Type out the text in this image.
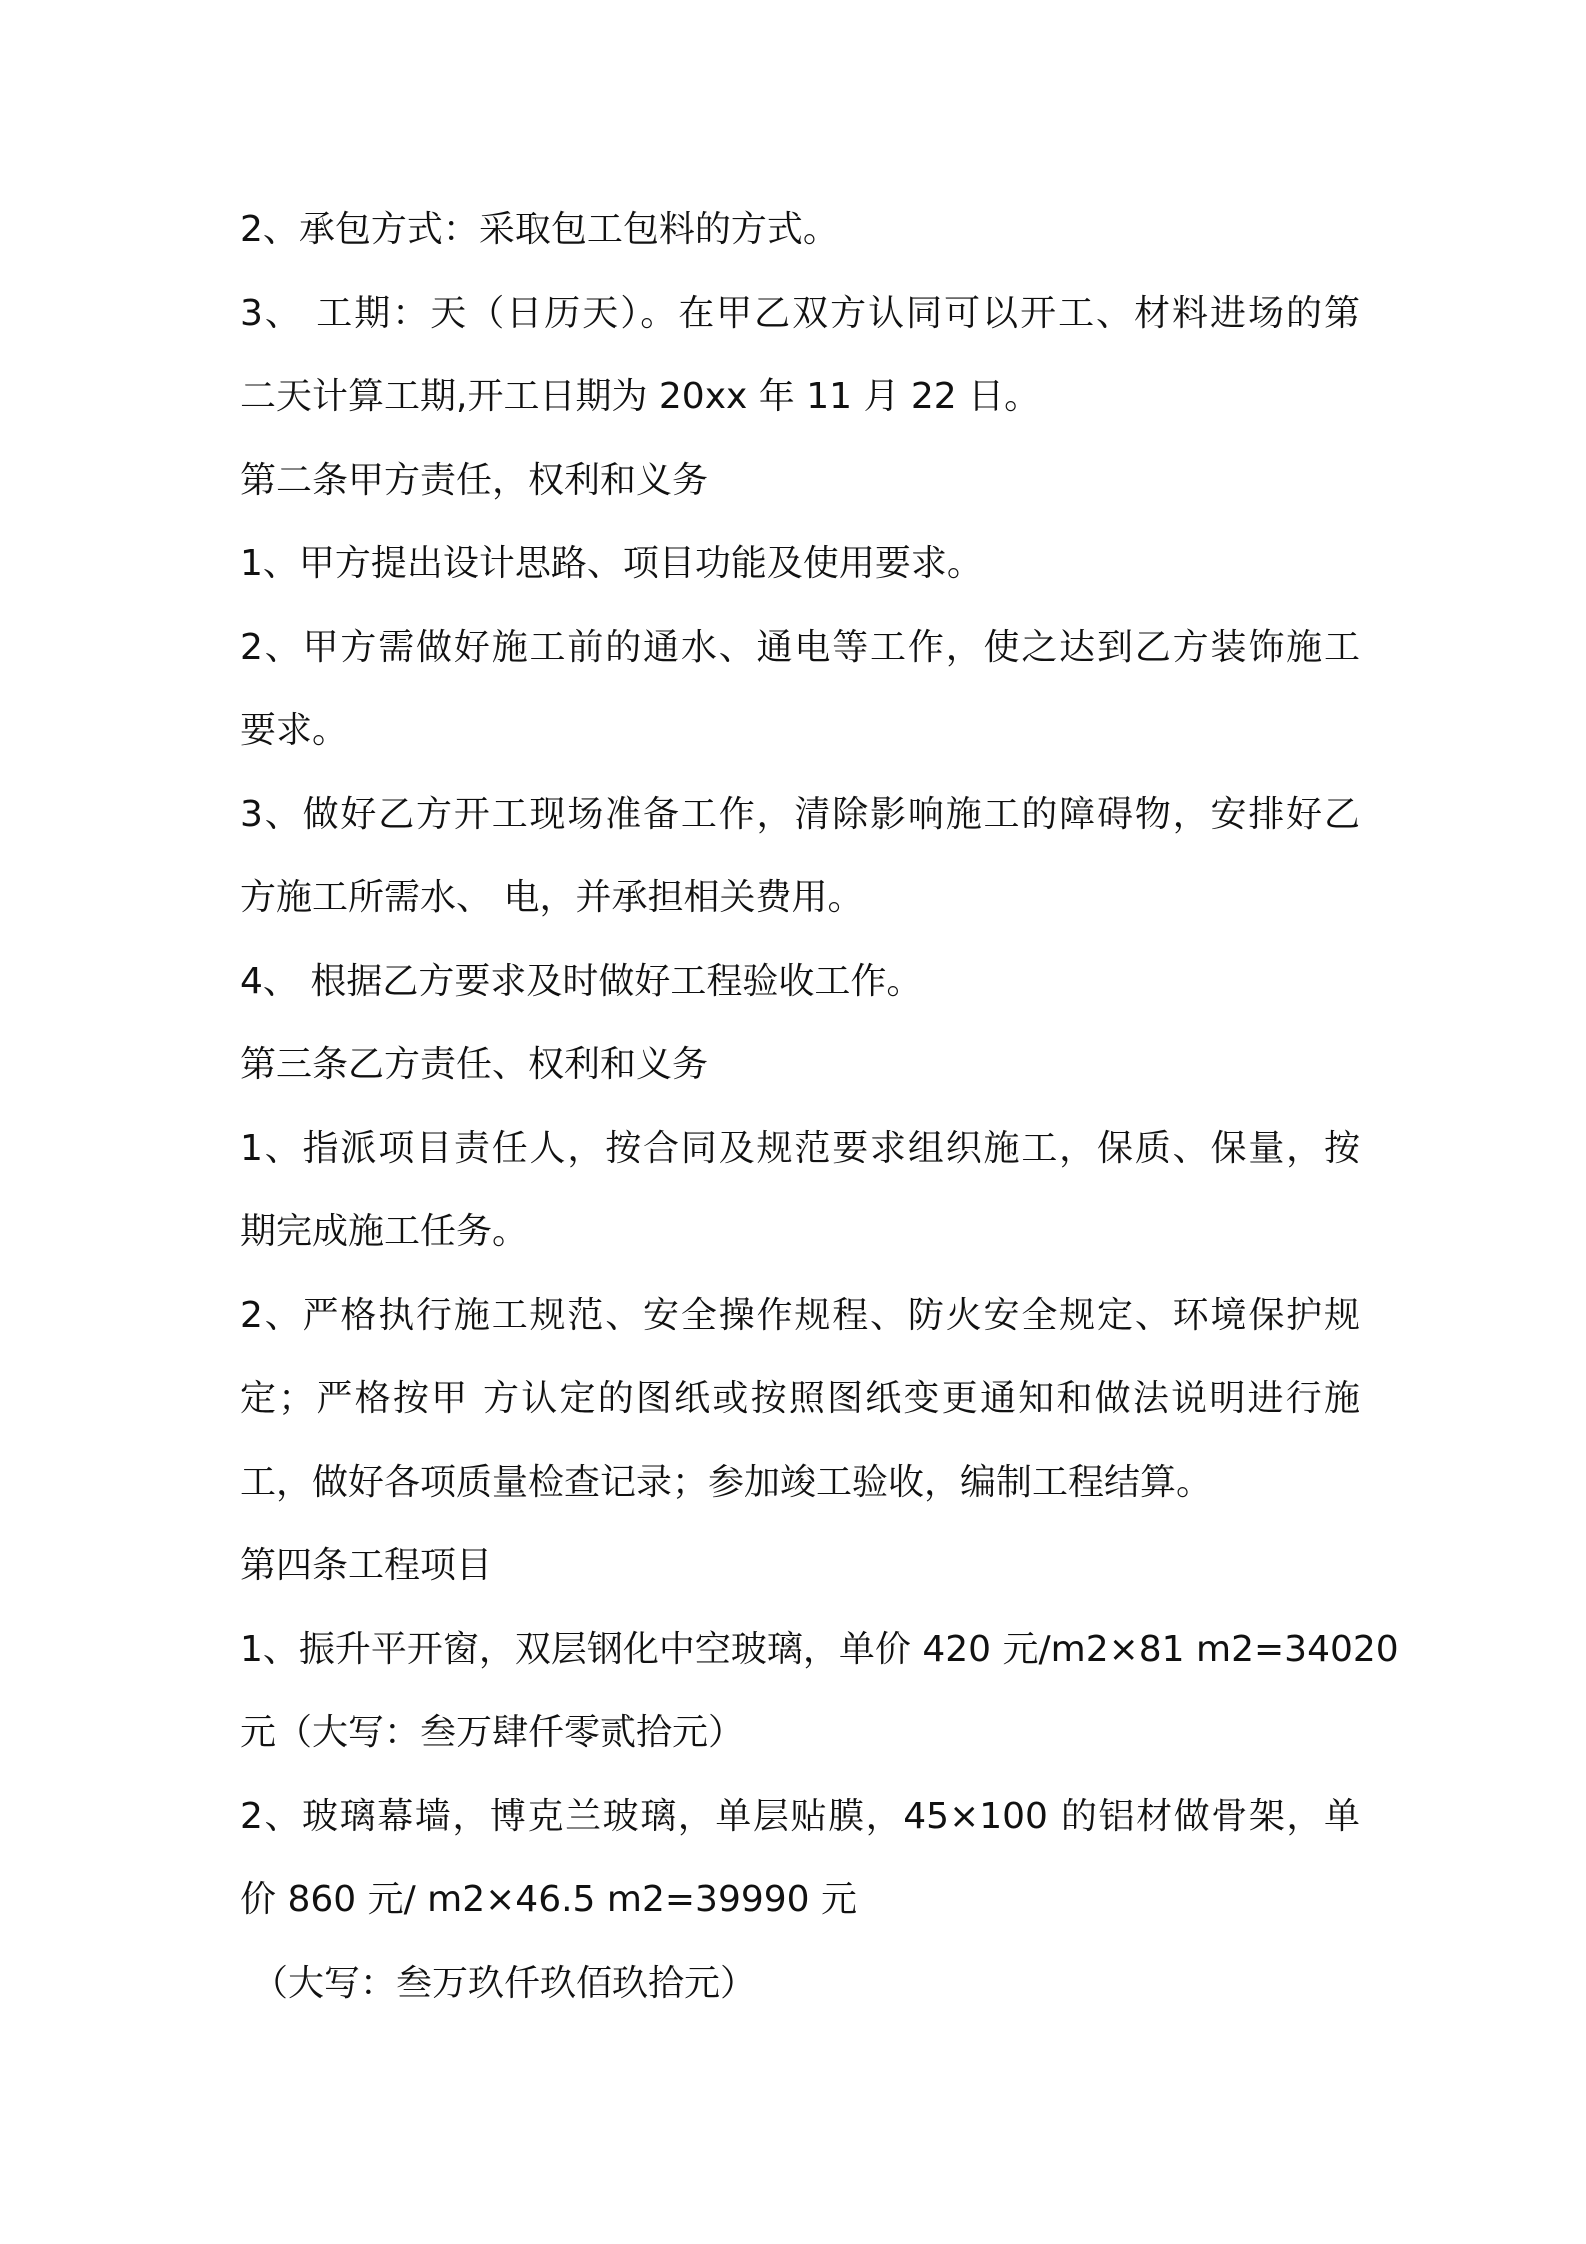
2、承包方式：采取包工包料的方式。
3、 工期：天（日历天）。在甲乙双方认同可以开工、材料进场的第
二天计算工期,开工日期为 20xx 年 11 月 22 日。
第二条甲方责任，权利和义务
1、甲方提出设计思路、项目功能及使用要求。
2、甲方需做好施工前的通水、通电等工作，使之达到乙方装饰施工
要求。
3、做好乙方开工现场准备工作，清除影响施工的障碍物，安排好乙
方施工所需水、 电，并承担相关费用。
4、 根据乙方要求及时做好工程验收工作。
第三条乙方责任、权利和义务
1、指派项目责任人，按合同及规范要求组织施工，保质、保量，按
期完成施工任务。
2、严格执行施工规范、安全操作规程、防火安全规定、环境保护规
定；严格按甲 方认定的图纸或按照图纸变更通知和做法说明进行施
工，做好各项质量检查记录；参加竣工验收，编制工程结算。
第四条工程项目
1、振升平开窗，双层钢化中空玻璃，单价 420 元/m2×81 m2=34020
元（大写：叁万肆仟零贰拾元）
2、玻璃幕墙，博克兰玻璃，单层贴膜，45×100 的铝材做骨架，单
价 860 元/ m2×46.5 m2=39990 元
（大写：叁万玖仟玖佰玖拾元）
